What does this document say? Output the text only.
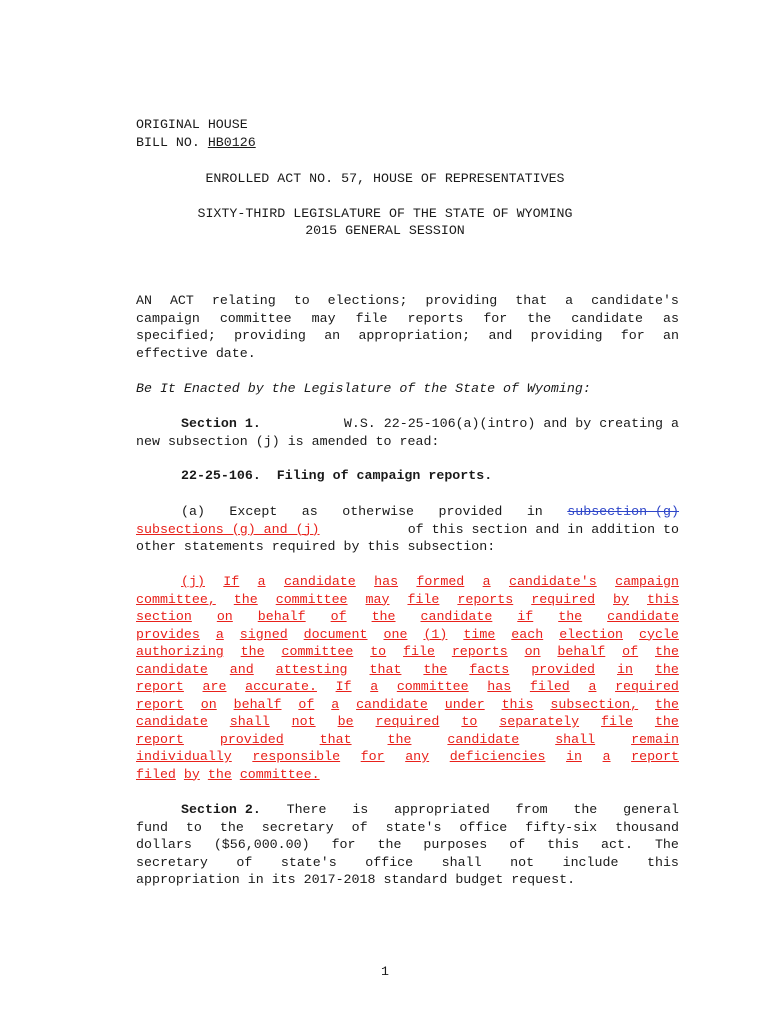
ORIGINAL HOUSE
BILL NO. HB0126
ENROLLED ACT NO. 57, HOUSE OF REPRESENTATIVES
SIXTY-THIRD LEGISLATURE OF THE STATE OF WYOMING
2015 GENERAL SESSION
AN ACT relating to elections; providing that a candidate's
campaign committee may file reports for the candidate as
specified; providing an appropriation; and providing for an
effective date.
Be It Enacted by the Legislature of the State of Wyoming:
Section 1.	W.S. 22-25-106(a)(intro) and by creating a
new subsection (j) is amended to read:
22-25-106.  Filing of campaign reports.
(a) Except as otherwise provided in subsection (g)
subsections (g) and (j)	of this section and in addition to
other statements required by this subsection:
(j) If a candidate has formed a candidate's campaign
committee, the committee may file reports required by this
section on behalf of the candidate if the candidate
provides a signed document one (1) time each election cycle
authorizing the committee to file reports on behalf of the
candidate and attesting that the facts provided in the
report are accurate. If a committee has filed a required
report on behalf of a candidate under this subsection, the
candidate shall not be required to separately file the
report	provided	that	the	candidate	shall	remain
individually responsible for any deficiencies in a report
filed by the committee.
Section 2. There is appropriated from the general
fund to the secretary of state's office fifty-six thousand
dollars ($56,000.00) for the purposes of this act. The
secretary of state's office shall not include this
appropriation in its 2017-2018 standard budget request.
1
